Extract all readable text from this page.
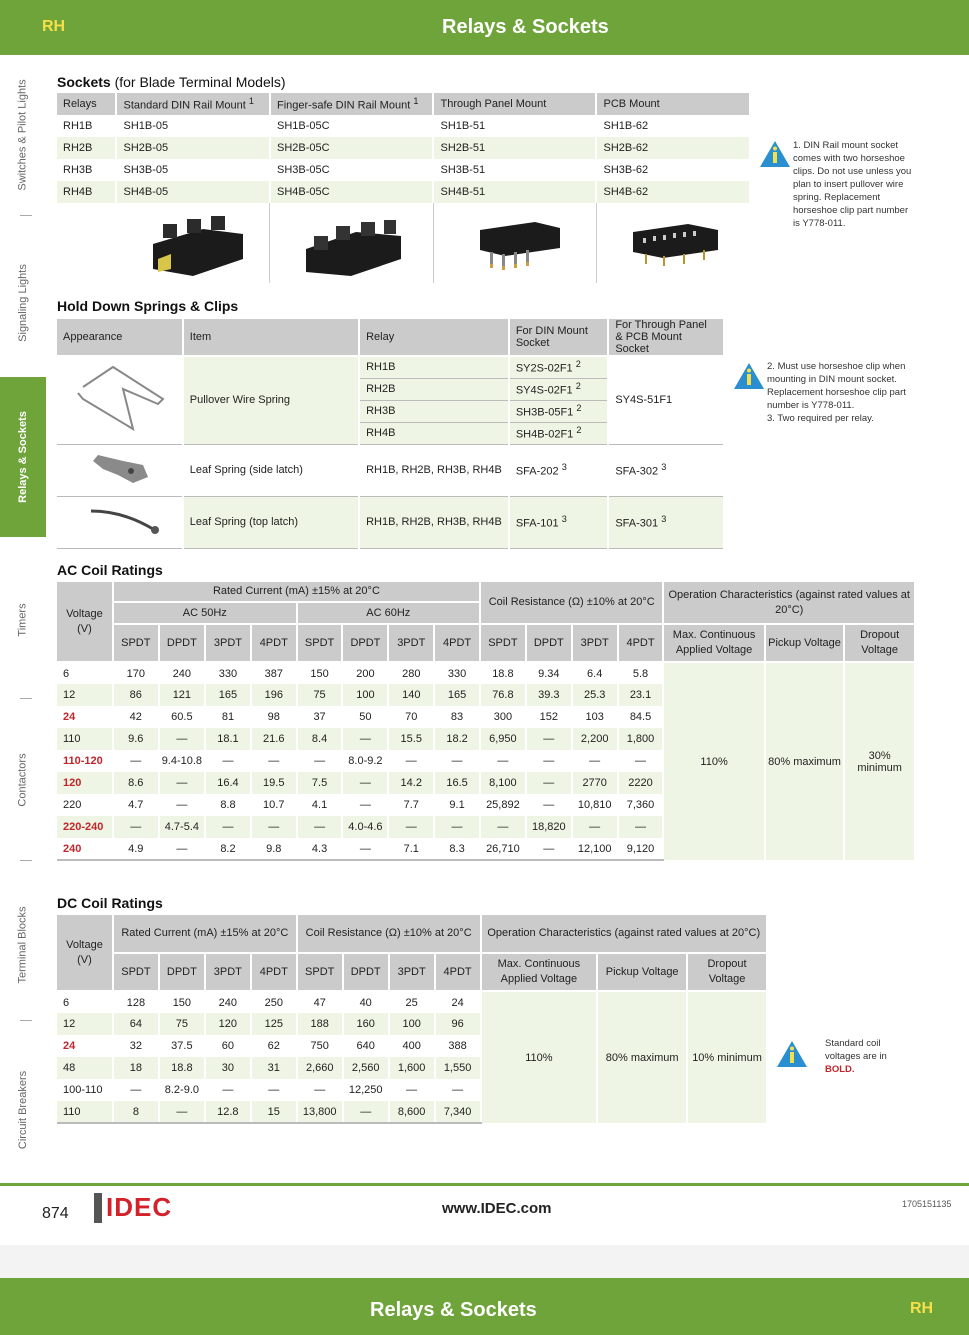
RH	Relays & Sockets
Switches & Pilot Lights
Signaling Lights
Relays & Sockets
Timers
Contactors
Terminal Blocks
Circuit Breakers
Sockets (for Blade Terminal Models)
Relays	Standard DIN Rail Mount $^1$	Finger-safe DIN Rail Mount $^1$	Through Panel Mount	PCB Mount
RH1B	SH1B-05	SH1B-05C	SH1B-51	SH1B-62
RH2B	SH2B-05	SH2B-05C	SH2B-51	SH2B-62
RH3B	SH3B-05	SH3B-05C	SH3B-51	SH3B-62
RH4B	SH4B-05	SH4B-05C	SH4B-51	SH4B-62

1. DIN Rail mount socket comes with two horseshoe clips. Do not use unless you plan to insert pullover wire spring. Replacement horseshoe clip part number is Y778-011.
Hold Down Springs & Clips
Appearance	Item	Relay	For DIN Mount Socket	For Through Panel & PCB Mount Socket
	Pullover Wire Spring	RH1B	SY2S-02F1 $^2$	SY4S-51F1
		RH2B	SY4S-02F1 $^2$
		RH3B	SH3B-05F1 $^2$
		RH4B	SH4B-02F1 $^2$
	Leaf Spring (side latch)	RH1B, RH2B, RH3B, RH4B	SFA-202 $^3$	SFA-302 $^3$
	Leaf Spring (top latch)	RH1B, RH2B, RH3B, RH4B	SFA-101 $^3$	SFA-301 $^3$
2. Must use horseshoe clip when mounting in DIN mount socket. Replacement horseshoe clip part number is Y778-011.
3. Two required per relay.
AC Coil Ratings
Voltage (V)	Rated Current (mA) ±15% at 20°C								Coil Resistance (Ω) ±10% at 20°C				Operation Characteristics (against rated values at 20°C)		
	AC 50Hz				AC 60Hz										
	SPDT	DPDT	3PDT	4PDT	SPDT	DPDT	3PDT	4PDT	SPDT	DPDT	3PDT	4PDT	Max. Continuous Applied Voltage	Pickup Voltage	Dropout Voltage
6	170	240	330	387	150	200	280	330	18.8	9.34	6.4	5.8	110%	80% maximum	30% minimum
12	86	121	165	196	75	100	140	165	76.8	39.3	25.3	23.1			
24	42	60.5	81	98	37	50	70	83	300	152	103	84.5			
110	9.6	—	18.1	21.6	8.4	—	15.5	18.2	6,950	—	2,200	1,800			
110-120	—	9.4-10.8	—	—	—	8.0-9.2	—	—	—	—	—	—			
120	8.6	—	16.4	19.5	7.5	—	14.2	16.5	8,100	—	2770	2220			
220	4.7	—	8.8	10.7	4.1	—	7.7	9.1	25,892	—	10,810	7,360			
220-240	—	4.7-5.4	—	—	—	4.0-4.6	—	—	—	18,820	—	—			
240	4.9	—	8.2	9.8	4.3	—	7.1	8.3	26,710	—	12,100	9,120			
DC Coil Ratings
Voltage (V)	Rated Current (mA) ±15% at 20°C				Coil Resistance (Ω) ±10% at 20°C				Operation Characteristics (against rated values at 20°C)		
	SPDT	DPDT	3PDT	4PDT	SPDT	DPDT	3PDT	4PDT	Max. Continuous Applied Voltage	Pickup Voltage	Dropout Voltage
6	128	150	240	250	47	40	25	24	110%	80% maximum	10% minimum
12	64	75	120	125	188	160	100	96			
24	32	37.5	60	62	750	640	400	388			
48	18	18.8	30	31	2,660	2,560	1,600	1,550			
100-110	—	8.2-9.0	—	—	—	12,250	—	—			
110	8	—	12.8	15	13,800	—	8,600	7,340			
Standard coil voltages are in BOLD.
874 IDEC	www.IDEC.com	1705151135
Relays & Sockets	RH
